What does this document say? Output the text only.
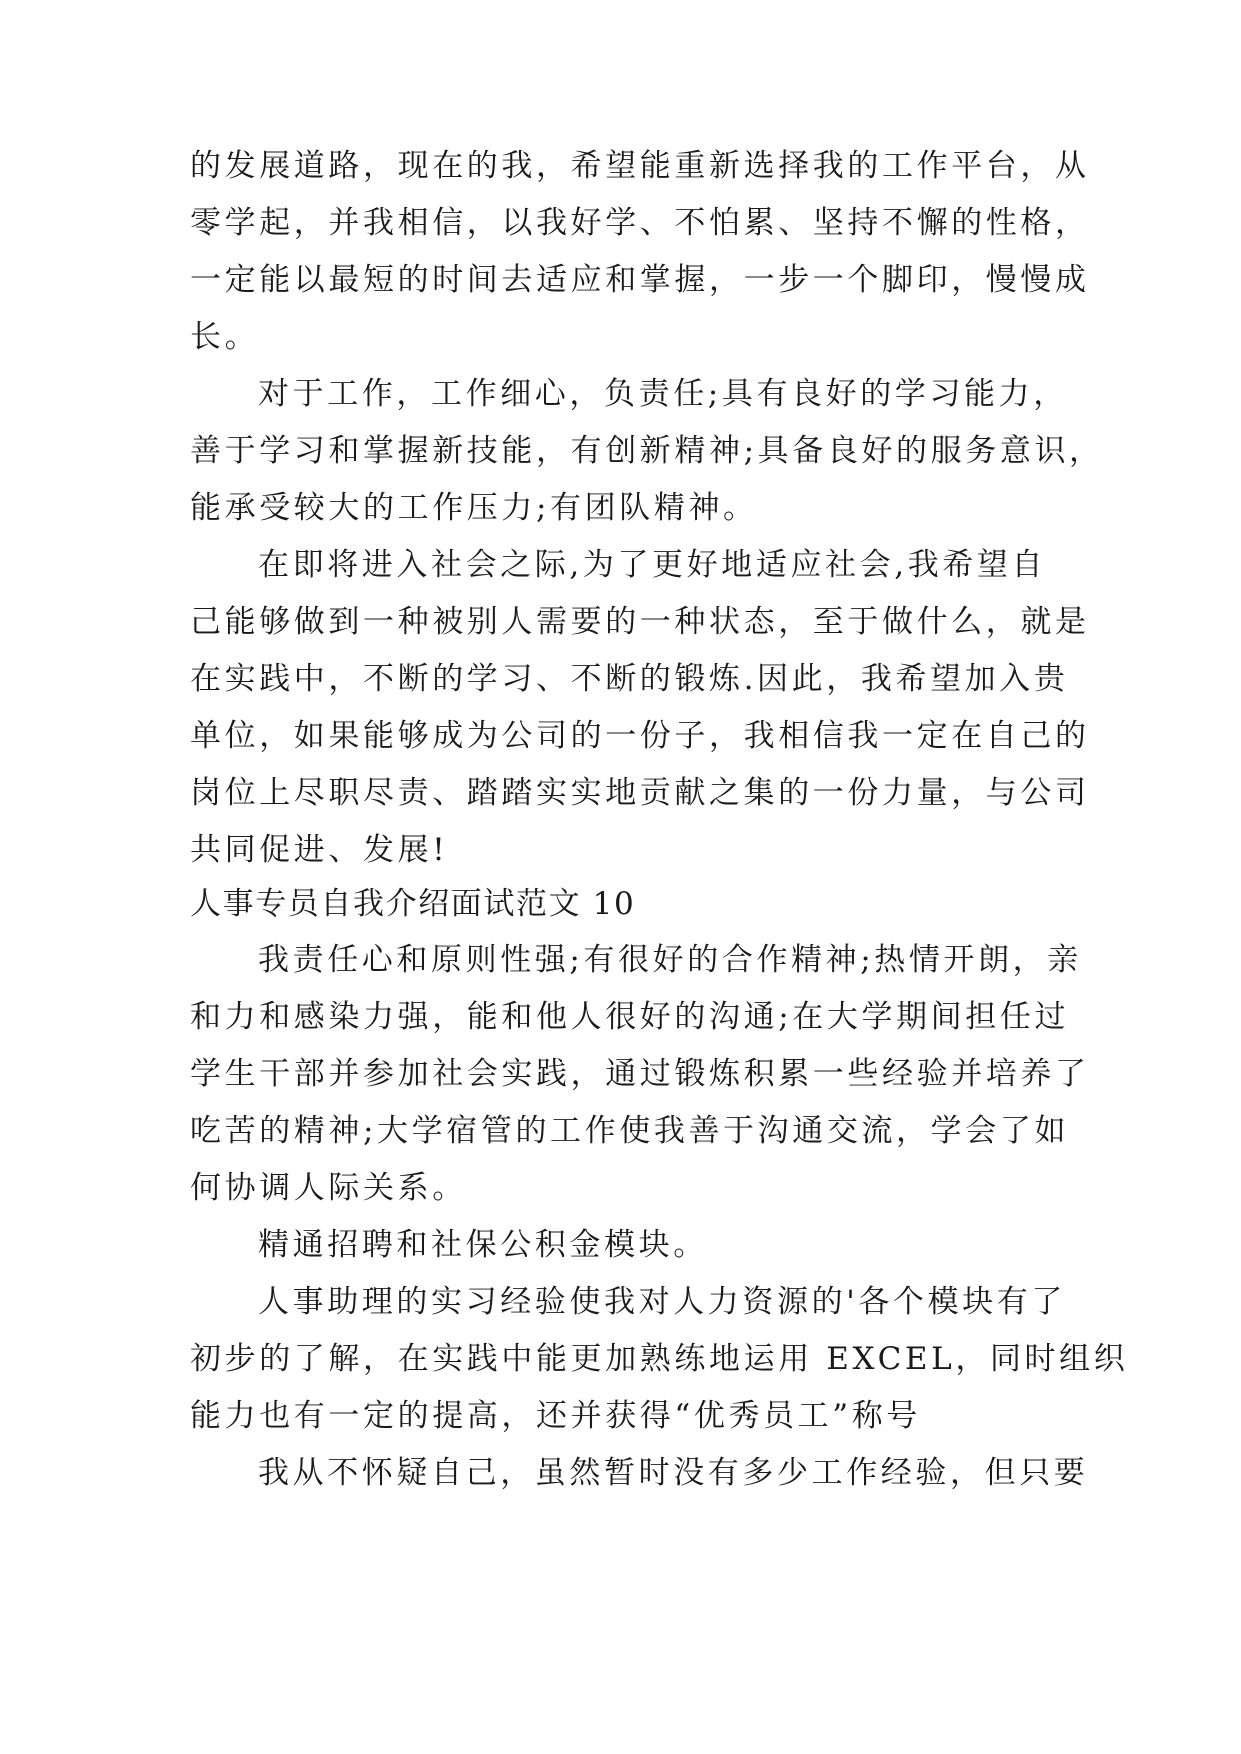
的发展道路，现在的我，希望能重新选择我的工作平台，从
零学起，并我相信，以我好学、不怕累、坚持不懈的性格，
一定能以最短的时间去适应和掌握，一步一个脚印，慢慢成
长。
对于工作，工作细心，负责任;具有良好的学习能力，
善于学习和掌握新技能，有创新精神;具备良好的服务意识，
能承受较大的工作压力;有团队精神。
在即将进入社会之际,为了更好地适应社会,我希望自
己能够做到一种被别人需要的一种状态，至于做什么，就是
在实践中，不断的学习、不断的锻炼.因此，我希望加入贵
单位，如果能够成为公司的一份子，我相信我一定在自己的
岗位上尽职尽责、踏踏实实地贡献之集的一份力量，与公司
共同促进、发展!
人事专员自我介绍面试范文 10
我责任心和原则性强;有很好的合作精神;热情开朗，亲
和力和感染力强，能和他人很好的沟通;在大学期间担任过
学生干部并参加社会实践，通过锻炼积累一些经验并培养了
吃苦的精神;大学宿管的工作使我善于沟通交流，学会了如
何协调人际关系。
精通招聘和社保公积金模块。
人事助理的实习经验使我对人力资源的'各个模块有了
初步的了解，在实践中能更加熟练地运用 EXCEL，同时组织
能力也有一定的提高，还并获得“优秀员工”称号
我从不怀疑自己，虽然暂时没有多少工作经验，但只要
